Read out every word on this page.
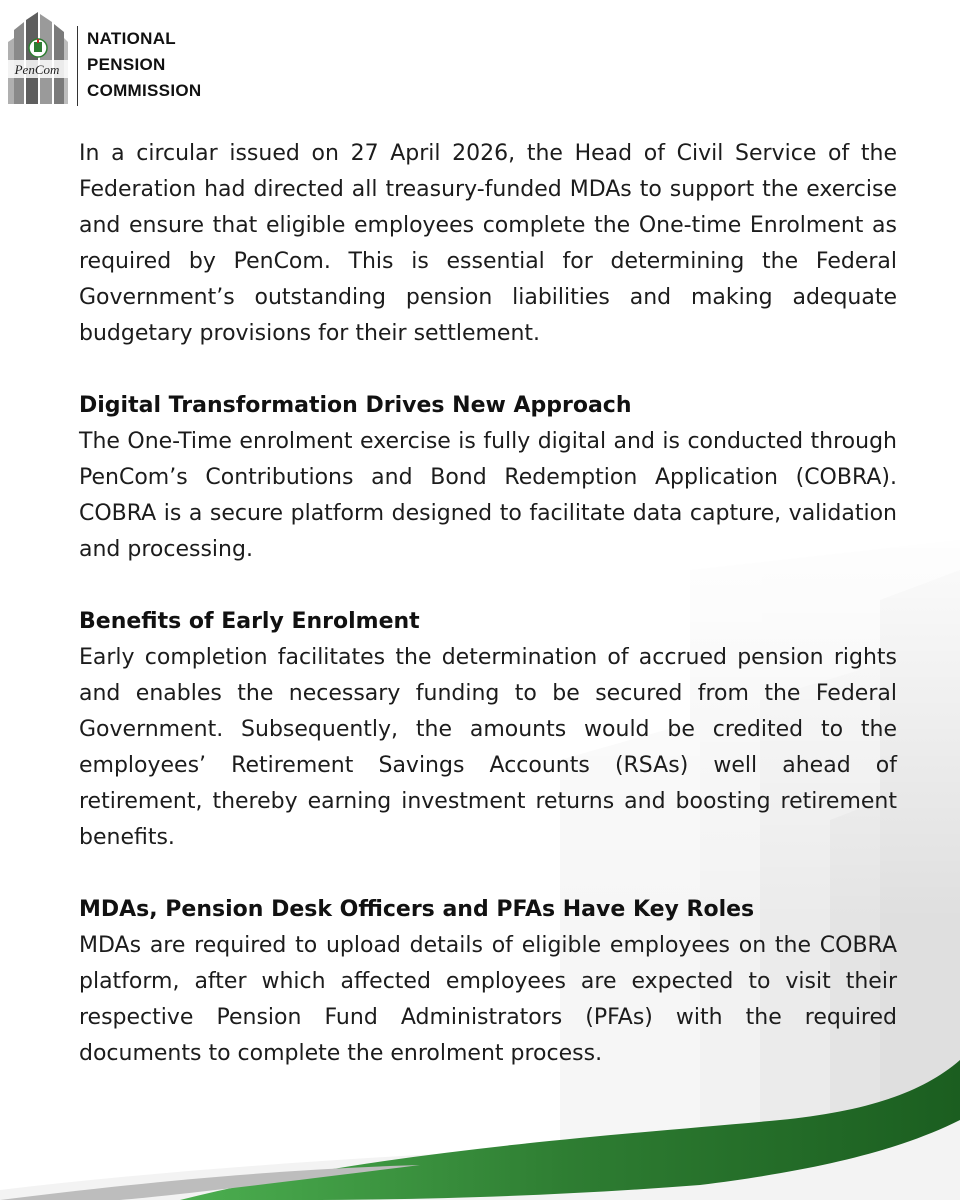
PenCom
NATIONAL
PENSION
COMMISSION

In a circular issued on 27 April 2026, the Head of Civil Service of the Federation had directed all treasury-funded MDAs to support the exercise and ensure that eligible employees complete the One-time Enrolment as required by PenCom. This is essential for determining the Federal Government’s outstanding pension liabilities and making adequate budgetary provisions for their settlement.

Digital Transformation Drives New Approach

The One-Time enrolment exercise is fully digital and is conducted through PenCom’s Contributions and Bond Redemption Application (COBRA). COBRA is a secure platform designed to facilitate data capture, validation and processing.

Benefits of Early Enrolment

Early completion facilitates the determination of accrued pension rights and enables the necessary funding to be secured from the Federal Government. Subsequently, the amounts would be credited to the employees’ Retirement Savings Accounts (RSAs) well ahead of retirement, thereby earning investment returns and boosting retirement benefits.

MDAs, Pension Desk Officers and PFAs Have Key Roles

MDAs are required to upload details of eligible employees on the COBRA platform, after which affected employees are expected to visit their respective Pension Fund Administrators (PFAs) with the required documents to complete the enrolment process.
